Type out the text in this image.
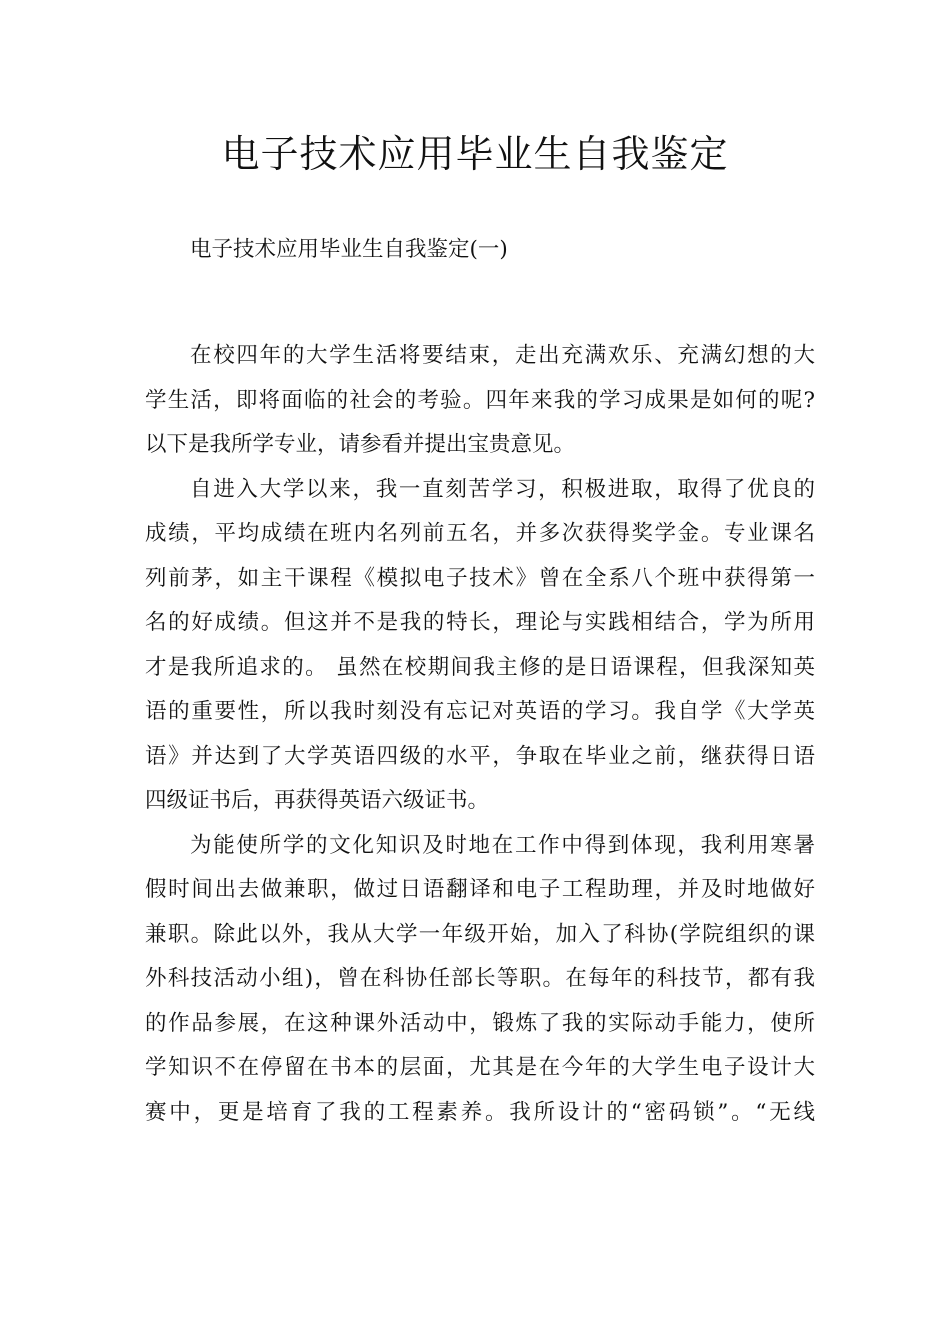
电子技术应用毕业生自我鉴定

电子技术应用毕业生自我鉴定(一)

在校四年的大学生活将要结束，走出充满欢乐、充满幻想的大
学生活，即将面临的社会的考验。四年来我的学习成果是如何的呢?
以下是我所学专业，请参看并提出宝贵意见。

自进入大学以来，我一直刻苦学习，积极进取，取得了优良的
成绩，平均成绩在班内名列前五名，并多次获得奖学金。专业课名
列前茅，如主干课程《模拟电子技术》曾在全系八个班中获得第一
名的好成绩。但这并不是我的特长，理论与实践相结合，学为所用
才是我所追求的。 虽然在校期间我主修的是日语课程，但我深知英
语的重要性，所以我时刻没有忘记对英语的学习。我自学《大学英
语》并达到了大学英语四级的水平，争取在毕业之前，继获得日语
四级证书后，再获得英语六级证书。

为能使所学的文化知识及时地在工作中得到体现，我利用寒暑
假时间出去做兼职，做过日语翻译和电子工程助理，并及时地做好
兼职。除此以外，我从大学一年级开始，加入了科协(学院组织的课
外科技活动小组)，曾在科协任部长等职。在每年的科技节，都有我
的作品参展，在这种课外活动中，锻炼了我的实际动手能力，使所
学知识不在停留在书本的层面，尤其是在今年的大学生电子设计大
赛中，更是培育了我的工程素养。我所设计的“密码锁”。“无线
